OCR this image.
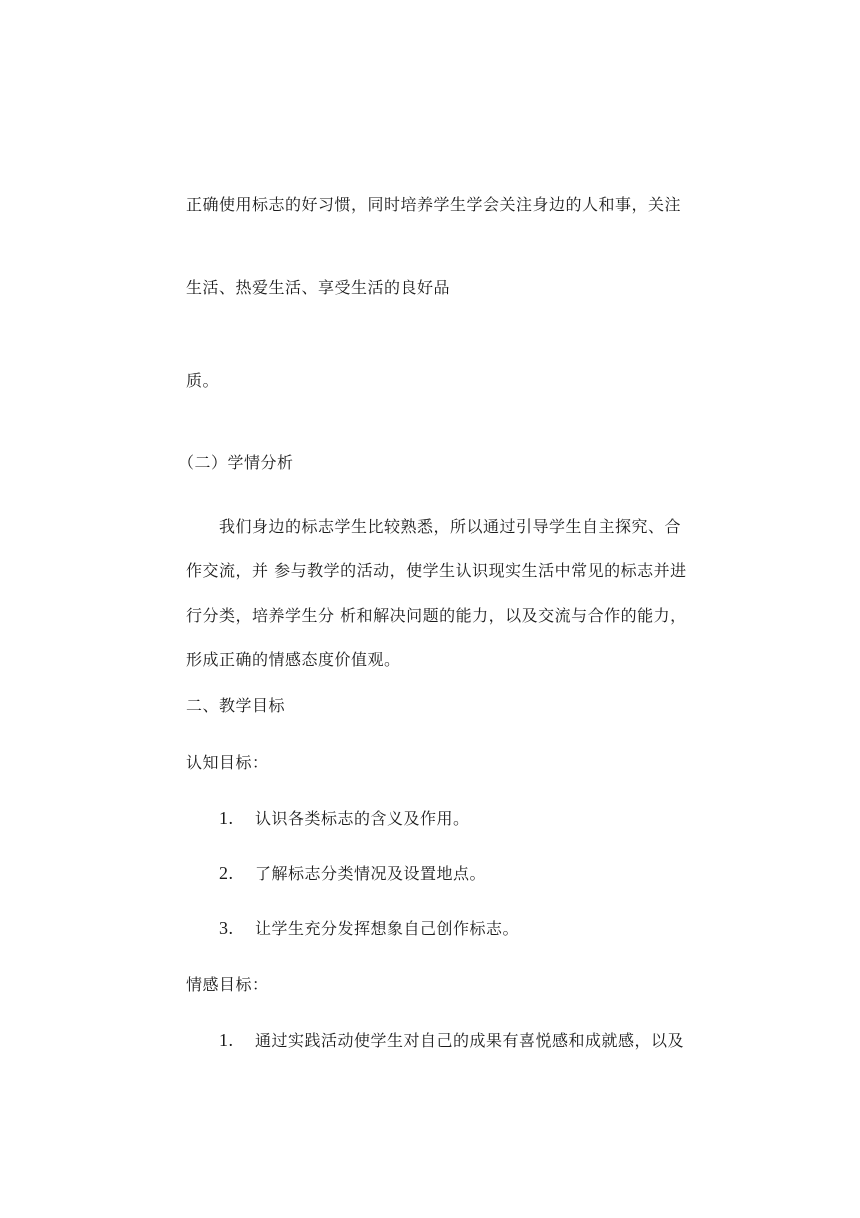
正确使用标志的好习惯，同时培养学生学会关注身边的人和事，关注
生活、热爱生活、享受生活的良好品
质。
（二）学情分析
我们身边的标志学生比较熟悉，所以通过引导学生自主探究、合
作交流，并 参与教学的活动，使学生认识现实生活中常见的标志并进
行分类，培养学生分 析和解决问题的能力，以及交流与合作的能力，
形成正确的情感态度价值观。
二、教学目标
认知目标：
1. 认识各类标志的含义及作用。
2. 了解标志分类情况及设置地点。
3. 让学生充分发挥想象自己创作标志。
情感目标：
1. 通过实践活动使学生对自己的成果有喜悦感和成就感，以及
